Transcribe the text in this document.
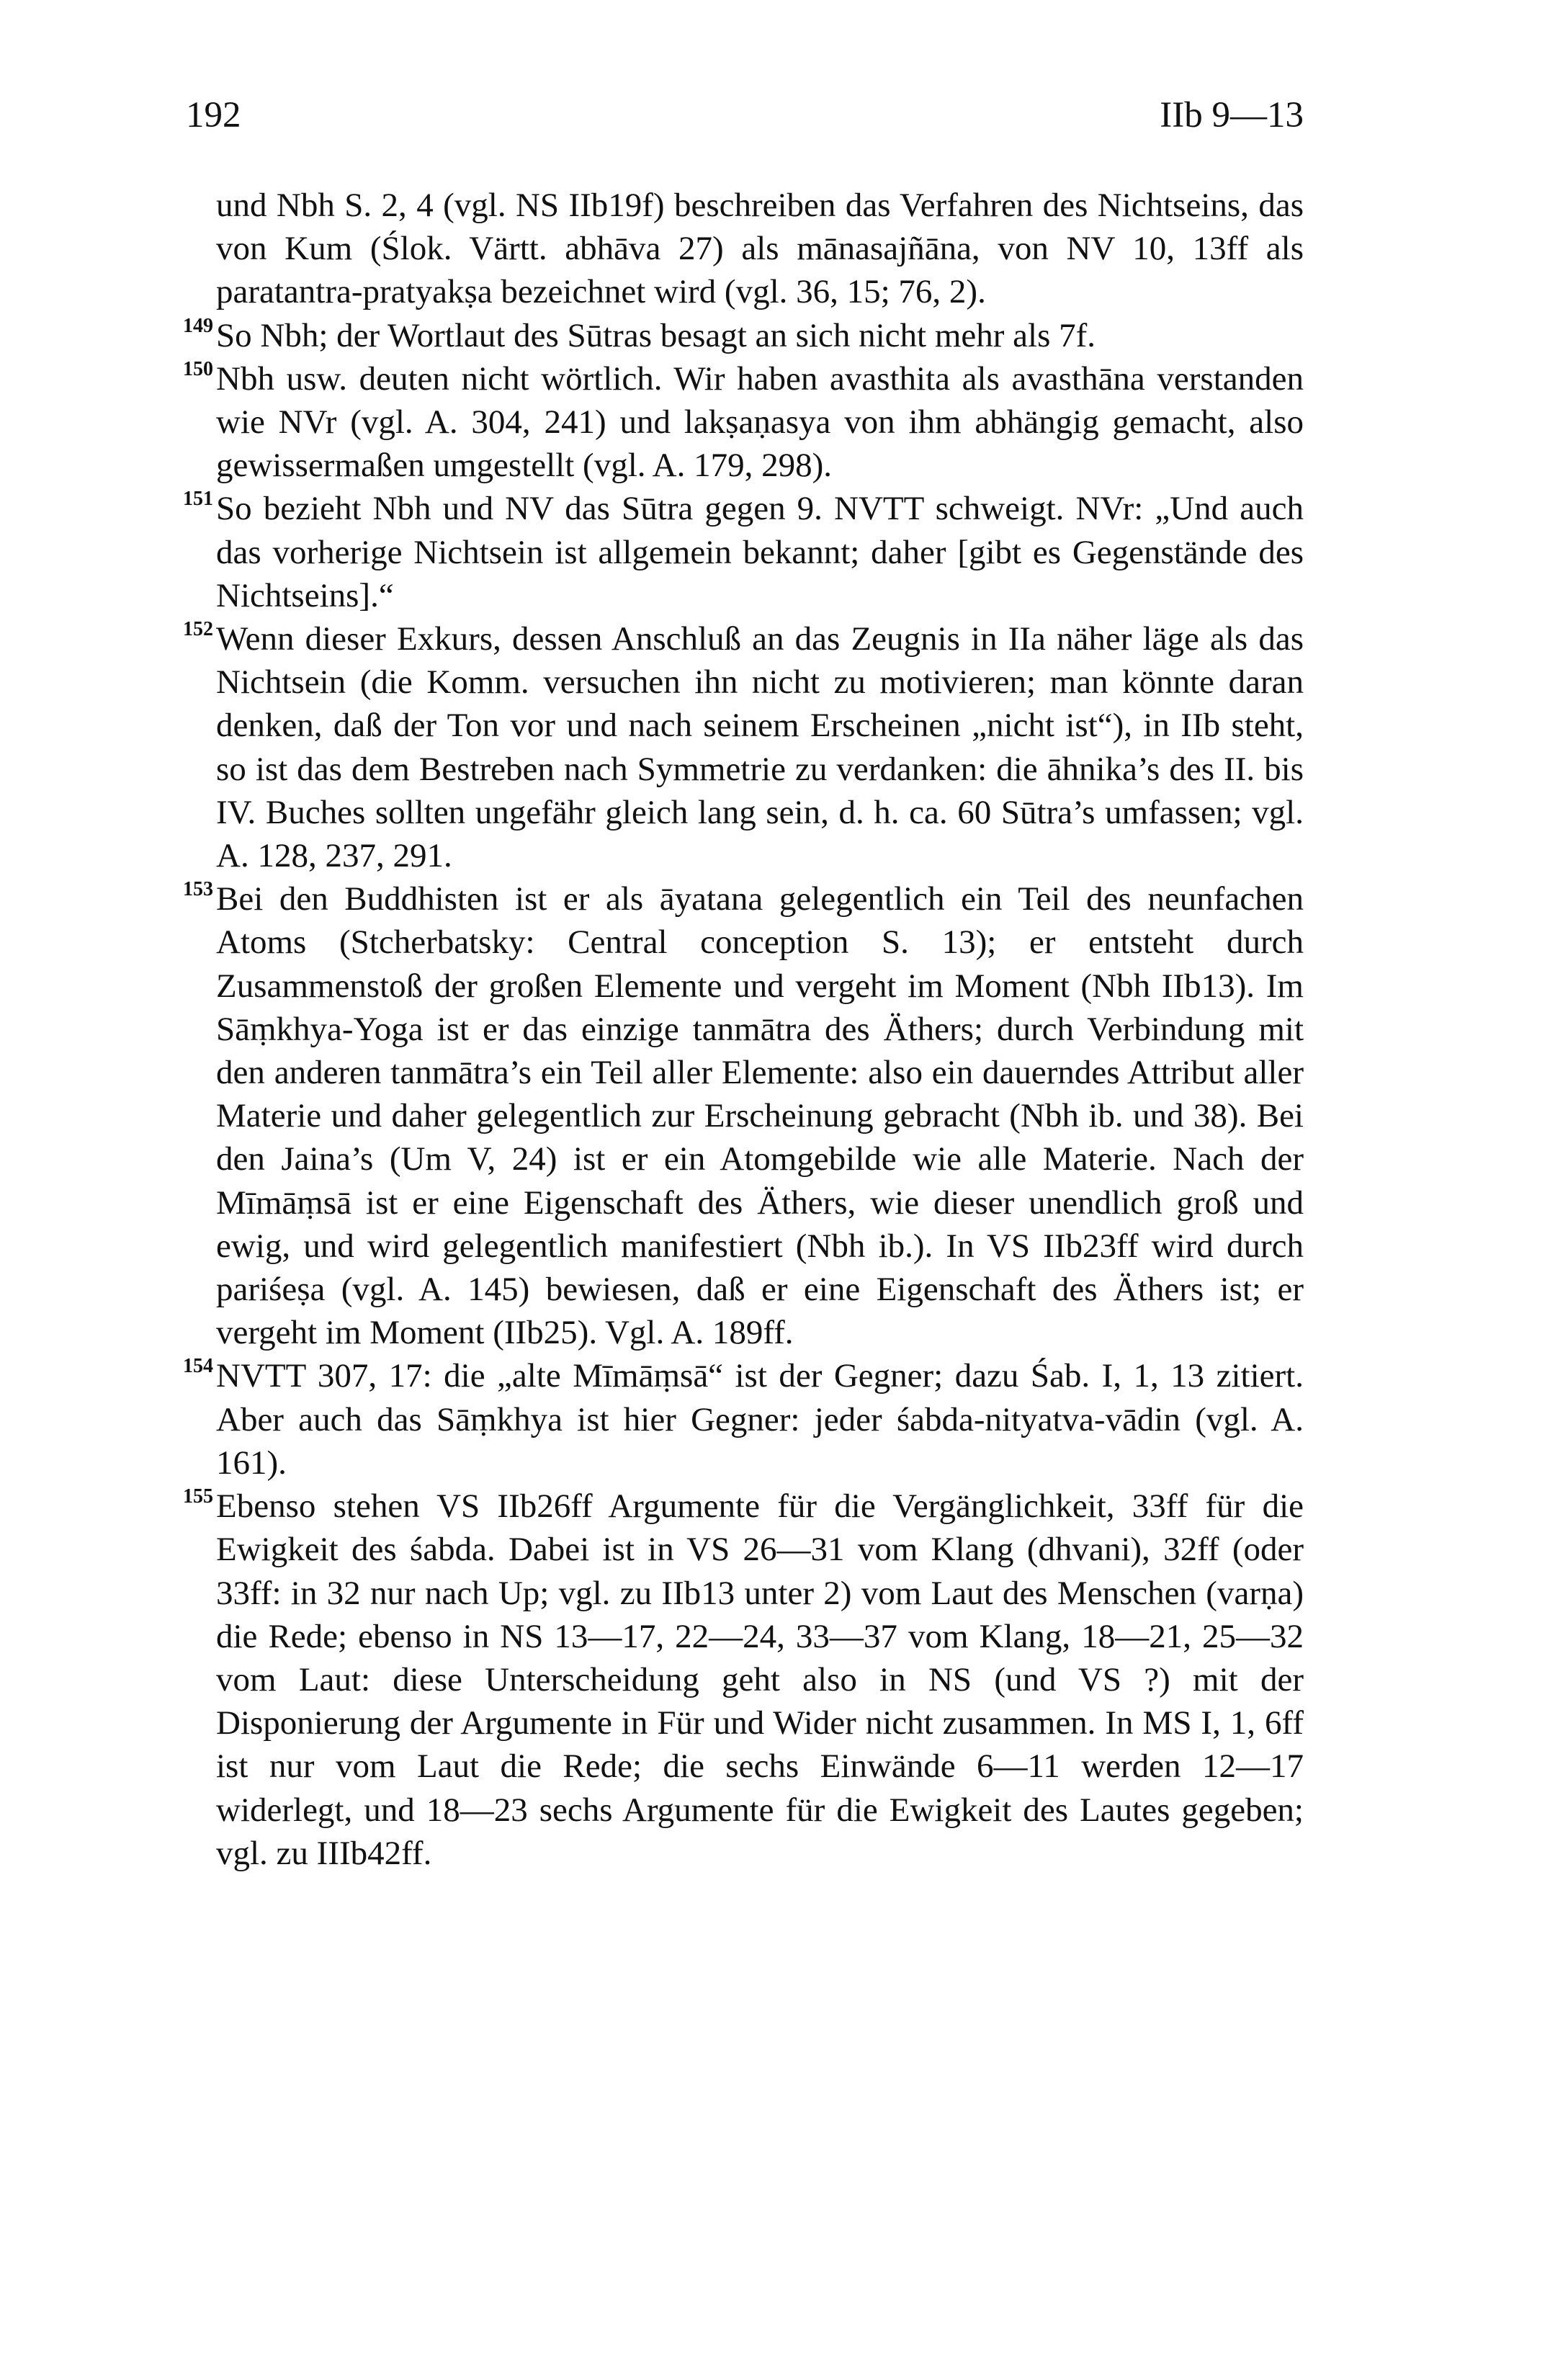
192	IIb 9—13
und Nbh S. 2, 4 (vgl. NS IIb19f) beschreiben das Verfahren des Nichtseins, das von Kum (Ślok. Värtt. abhāva 27) als mānasajñāna, von NV 10, 13ff als paratantra-pratyakṣa bezeichnet wird (vgl. 36, 15; 76, 2).
149 So Nbh; der Wortlaut des Sūtras besagt an sich nicht mehr als 7f.
150 Nbh usw. deuten nicht wörtlich. Wir haben avasthita als avasthāna verstanden wie NVr (vgl. A. 304, 241) und lakṣaṇasya von ihm abhängig gemacht, also gewissermaßen umgestellt (vgl. A. 179, 298).
151 So bezieht Nbh und NV das Sūtra gegen 9. NVTT schweigt. NVr: „Und auch das vorherige Nichtsein ist allgemein bekannt; daher [gibt es Gegenstände des Nichtseins].“
152 Wenn dieser Exkurs, dessen Anschluß an das Zeugnis in IIa näher läge als das Nichtsein (die Komm. versuchen ihn nicht zu motivieren; man könnte daran denken, daß der Ton vor und nach seinem Erscheinen „nicht ist“), in IIb steht, so ist das dem Bestreben nach Symmetrie zu verdanken: die āhnika’s des II. bis IV. Buches sollten ungefähr gleich lang sein, d. h. ca. 60 Sūtra’s umfassen; vgl. A. 128, 237, 291.
153 Bei den Buddhisten ist er als āyatana gelegentlich ein Teil des neunfachen Atoms (Stcherbatsky: Central conception S. 13); er entsteht durch Zusammenstoß der großen Elemente und vergeht im Moment (Nbh IIb13). Im Sāṃkhya-Yoga ist er das einzige tanmātra des Äthers; durch Verbindung mit den anderen tanmātra’s ein Teil aller Elemente: also ein dauerndes Attribut aller Materie und daher gelegentlich zur Erscheinung gebracht (Nbh ib. und 38). Bei den Jaina’s (Um V, 24) ist er ein Atomgebilde wie alle Materie. Nach der Mīmāṃsā ist er eine Eigenschaft des Äthers, wie dieser unendlich groß und ewig, und wird gelegentlich manifestiert (Nbh ib.). In VS IIb23ff wird durch pariśeṣa (vgl. A. 145) bewiesen, daß er eine Eigenschaft des Äthers ist; er vergeht im Moment (IIb25). Vgl. A. 189ff.
154 NVTT 307, 17: die „alte Mīmāṃsā“ ist der Gegner; dazu Śab. I, 1, 13 zitiert. Aber auch das Sāṃkhya ist hier Gegner: jeder śabda-nityatva-vādin (vgl. A. 161).
155 Ebenso stehen VS IIb26ff Argumente für die Vergänglichkeit, 33ff für die Ewigkeit des śabda. Dabei ist in VS 26—31 vom Klang (dhvani), 32ff (oder 33ff: in 32 nur nach Up; vgl. zu IIb13 unter 2) vom Laut des Menschen (varṇa) die Rede; ebenso in NS 13—17, 22—24, 33—37 vom Klang, 18—21, 25—32 vom Laut: diese Unterscheidung geht also in NS (und VS ?) mit der Disponierung der Argumente in Für und Wider nicht zusammen. In MS I, 1, 6ff ist nur vom Laut die Rede; die sechs Einwände 6—11 werden 12—17 widerlegt, und 18—23 sechs Argumente für die Ewigkeit des Lautes gegeben; vgl. zu IIIb42ff.
